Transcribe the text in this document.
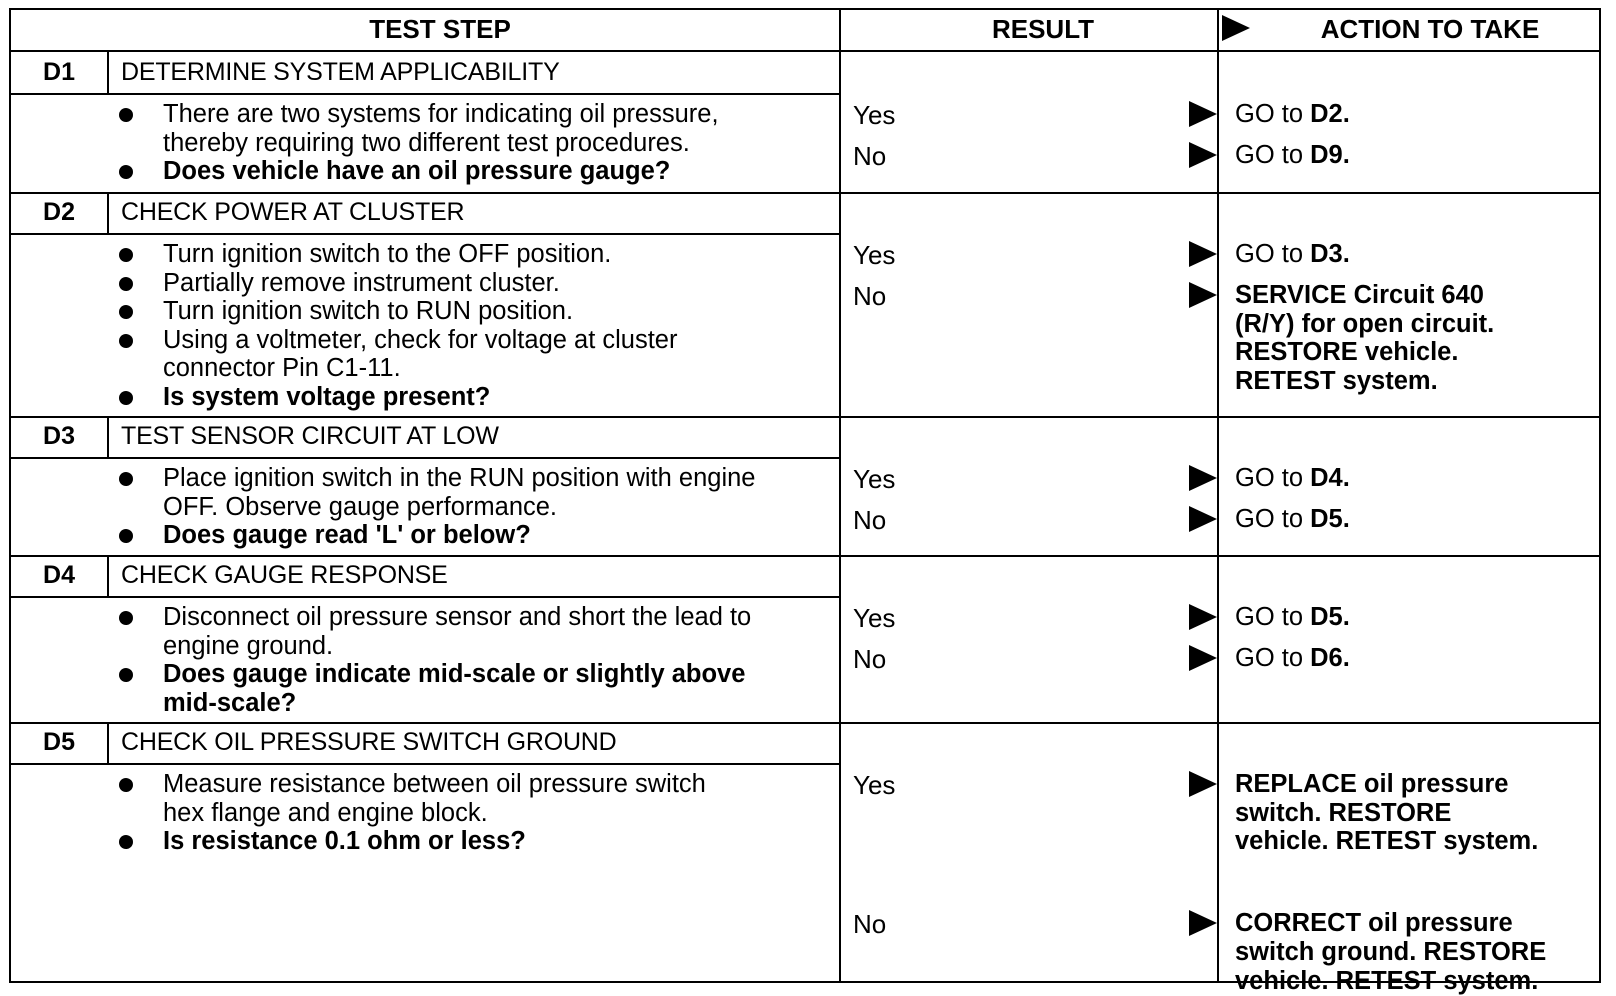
TEST STEP	RESULT	ACTION TO TAKE
D1	DETERMINE SYSTEM APPLICABILITY
There are two systems for indicating oil pressure,
thereby requiring two different test procedures.
Does vehicle have an oil pressure gauge?
Yes	GO to D2.
No	GO to D9.
D2	CHECK POWER AT CLUSTER
Turn ignition switch to the OFF position.
Partially remove instrument cluster.
Turn ignition switch to RUN position.
Using a voltmeter, check for voltage at cluster
connector Pin C1-11.
Is system voltage present?
Yes	GO to D3.
No	SERVICE Circuit 640
(R/Y) for open circuit.
RESTORE vehicle.
RETEST system.
D3	TEST SENSOR CIRCUIT AT LOW
Place ignition switch in the RUN position with engine
OFF. Observe gauge performance.
Does gauge read 'L' or below?
Yes	GO to D4.
No	GO to D5.
D4	CHECK GAUGE RESPONSE
Disconnect oil pressure sensor and short the lead to
engine ground.
Does gauge indicate mid-scale or slightly above
mid-scale?
Yes	GO to D5.
No	GO to D6.
D5	CHECK OIL PRESSURE SWITCH GROUND
Measure resistance between oil pressure switch
hex flange and engine block.
Is resistance 0.1 ohm or less?
Yes	REPLACE oil pressure
switch. RESTORE
vehicle. RETEST system.
No	CORRECT oil pressure
switch ground. RESTORE
vehicle. RETEST system.
